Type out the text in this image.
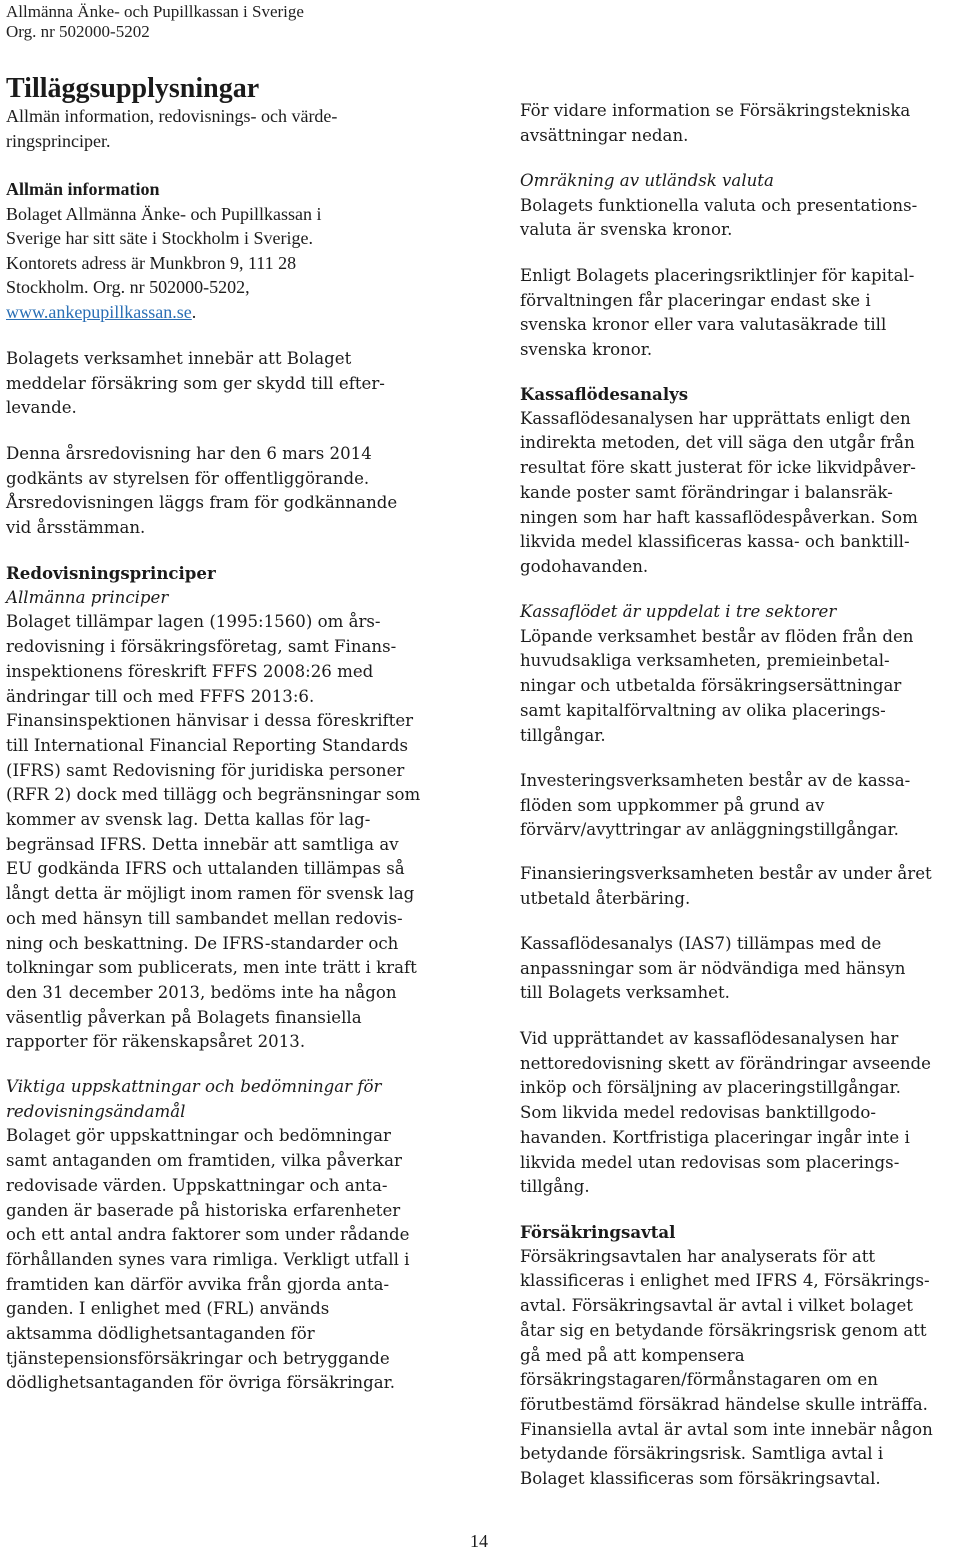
Allmänna Änke- och Pupillkassan i Sverige
Org. nr 502000-5202
Tilläggsupplysningar

Allmän information, redovisnings- och värde-

ringsprinciper.

Allmän information

Bolaget Allmänna Änke- och Pupillkassan i

Sverige har sitt säte i Stockholm i Sverige.

Kontorets adress är Munkbron 9, 111 28

Stockholm. Org. nr 502000-5202,

www.ankepupillkassan.se.

Bolagets verksamhet innebär att Bolaget

meddelar försäkring som ger skydd till efter-

levande.

Denna årsredovisning har den 6 mars 2014

godkänts av styrelsen för offentliggörande.

Årsredovisningen läggs fram för godkännande

vid årsstämman.

Redovisningsprinciper

Allmänna principer

Bolaget tillämpar lagen (1995:1560) om års-

redovisning i försäkringsföretag, samt Finans-

inspektionens föreskrift FFFS 2008:26 med

ändringar till och med FFFS 2013:6.

Finansinspektionen hänvisar i dessa föreskrifter

till International Financial Reporting Standards

(IFRS) samt Redovisning för juridiska personer

(RFR 2) dock med tillägg och begränsningar som

kommer av svensk lag. Detta kallas för lag-

begränsad IFRS. Detta innebär att samtliga av

EU godkända IFRS och uttalanden tillämpas så

långt detta är möjligt inom ramen för svensk lag

och med hänsyn till sambandet mellan redovis-

ning och beskattning. De IFRS-standarder och

tolkningar som publicerats, men inte trätt i kraft

den 31 december 2013, bedöms inte ha någon

väsentlig påverkan på Bolagets finansiella

rapporter för räkenskapsåret 2013.

Viktiga uppskattningar och bedömningar för

redovisningsändamål

Bolaget gör uppskattningar och bedömningar

samt antaganden om framtiden, vilka påverkar

redovisade värden. Uppskattningar och anta-

ganden är baserade på historiska erfarenheter

och ett antal andra faktorer som under rådande

förhållanden synes vara rimliga. Verkligt utfall i

framtiden kan därför avvika från gjorda anta-

ganden. I enlighet med (FRL) används

aktsamma dödlighetsantaganden för

tjänstepensionsförsäkringar och betryggande

dödlighetsantaganden för övriga försäkringar.

För vidare information se Försäkringstekniska

avsättningar nedan.

Omräkning av utländsk valuta

Bolagets funktionella valuta och presentations-

valuta är svenska kronor.

Enligt Bolagets placeringsriktlinjer för kapital-

förvaltningen får placeringar endast ske i

svenska kronor eller vara valutasäkrade till

svenska kronor.

Kassaflödesanalys

Kassaflödesanalysen har upprättats enligt den

indirekta metoden, det vill säga den utgår från

resultat före skatt justerat för icke likvidpåver-

kande poster samt förändringar i balansräk-

ningen som har haft kassaflödespåverkan. Som

likvida medel klassificeras kassa- och banktill-

godohavanden.

Kassaflödet är uppdelat i tre sektorer

Löpande verksamhet består av flöden från den

huvudsakliga verksamheten, premieinbetal-

ningar och utbetalda försäkringsersättningar

samt kapitalförvaltning av olika placerings-

tillgångar.

Investeringsverksamheten består av de kassa-

flöden som uppkommer på grund av

förvärv/avyttringar av anläggningstillgångar.

Finansieringsverksamheten består av under året

utbetald återbäring.

Kassaflödesanalys (IAS7) tillämpas med de

anpassningar som är nödvändiga med hänsyn

till Bolagets verksamhet.

Vid upprättandet av kassaflödesanalysen har

nettoredovisning skett av förändringar avseende

inköp och försäljning av placeringstillgångar.

Som likvida medel redovisas banktillgodo-

havanden. Kortfristiga placeringar ingår inte i

likvida medel utan redovisas som placerings-

tillgång.

Försäkringsavtal

Försäkringsavtalen har analyserats för att

klassificeras i enlighet med IFRS 4, Försäkrings-

avtal. Försäkringsavtal är avtal i vilket bolaget

åtar sig en betydande försäkringsrisk genom att

gå med på att kompensera

försäkringstagaren/förmånstagaren om en

förutbestämd försäkrad händelse skulle inträffa.

Finansiella avtal är avtal som inte innebär någon

betydande försäkringsrisk. Samtliga avtal i

Bolaget klassificeras som försäkringsavtal.

14
